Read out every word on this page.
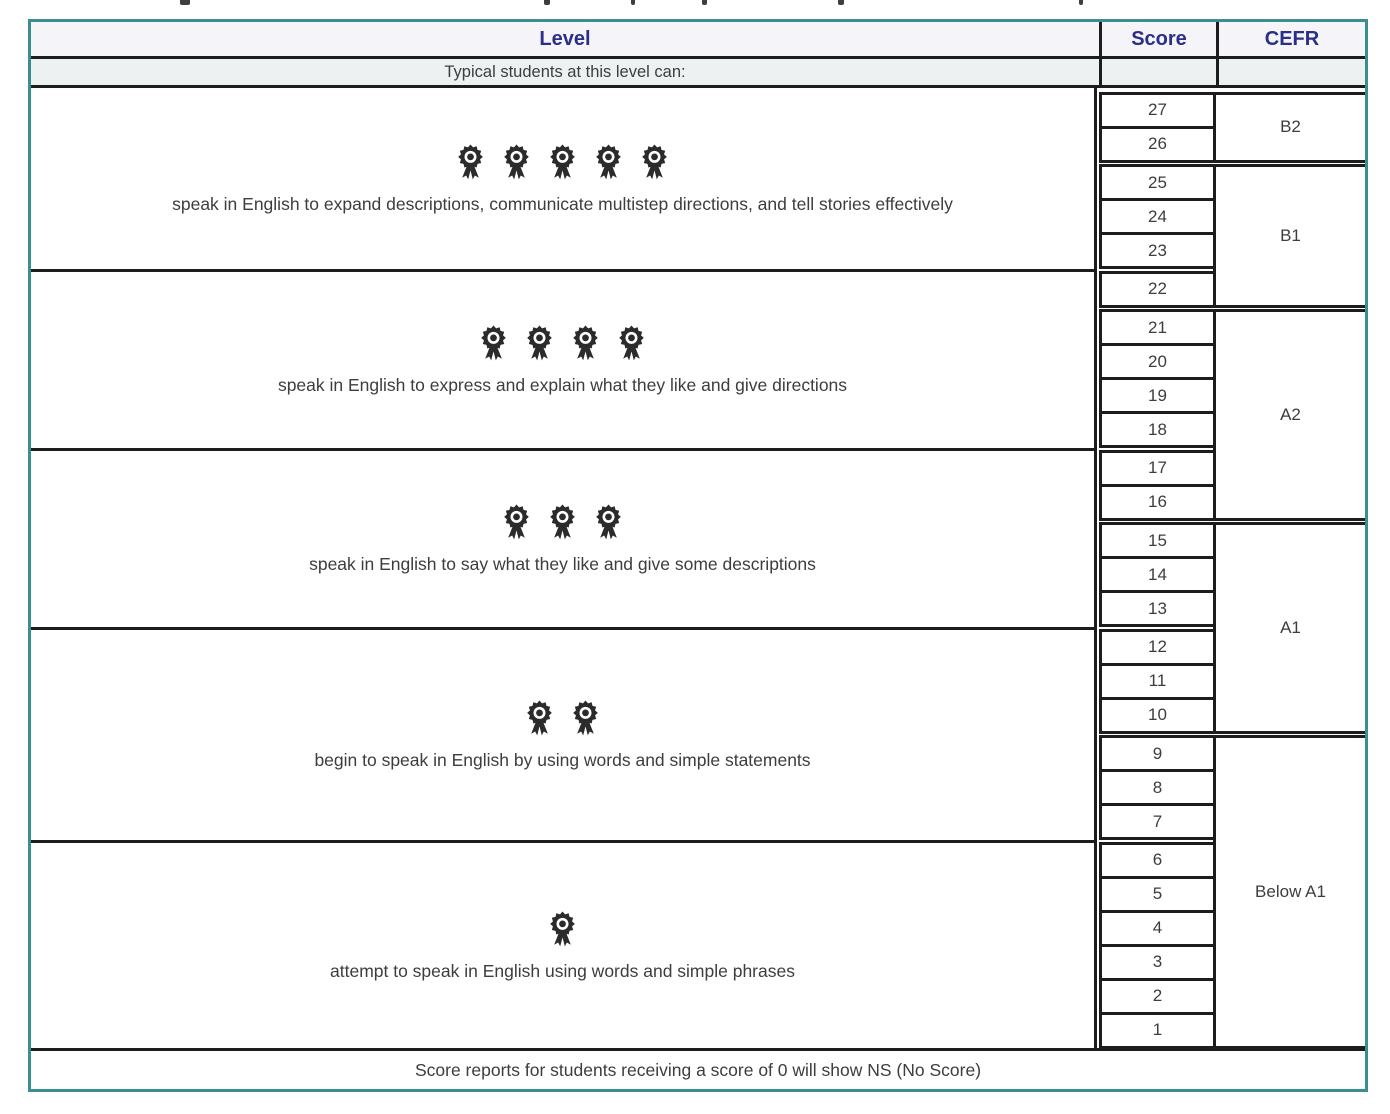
Level	Score	CEFR
Typical students at this level can:
speak in English to expand descriptions, communicate multistep directions, and tell stories effectively
speak in English to express and explain what they like and give directions
speak in English to say what they like and give some descriptions
begin to speak in English by using words and simple statements
attempt to speak in English using words and simple phrases
27
26
25
24
23
22
21
20
19
18
17
16
15
14
13
12
11
10
9
8
7
6
5
4
3
2
1
B2
B1
A2
A1
Below A1
Score reports for students receiving a score of 0 will show NS (No Score)
